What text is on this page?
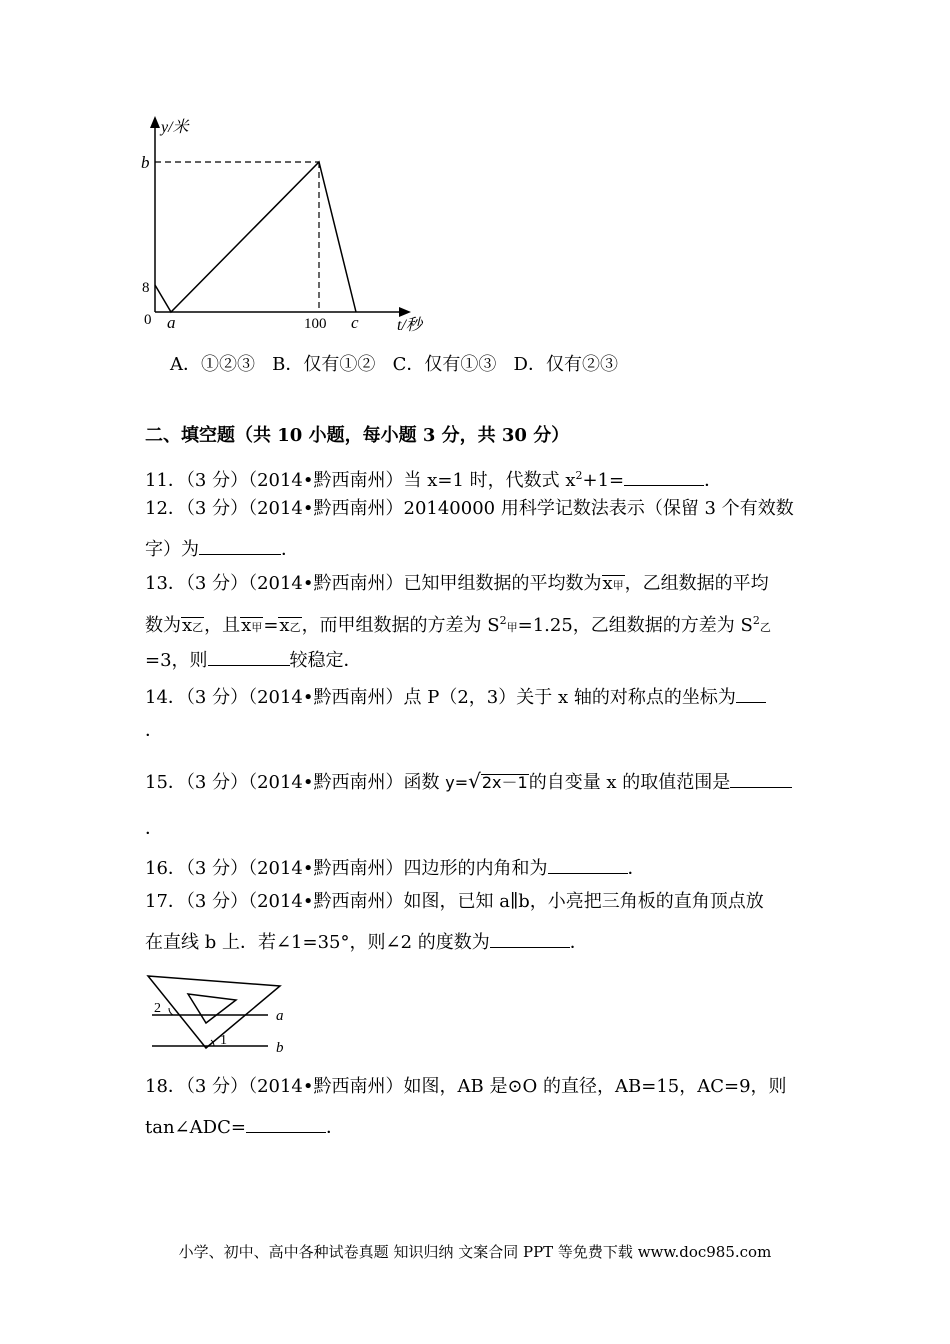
y/米
b
8
0 a	100 c t/秒
A．①②③ B．仅有①② C．仅有①③ D．仅有②③
二、填空题（共 10 小题，每小题 3 分，共 30 分）
11．（3 分）（2014•黔西南州）当 x=1 时，代数式 $x^2+1=$	．
12．（3 分）（2014•黔西南州）20140000 用科学记数法表示（保留 3 个有效数
字）为	．
13．（3 分）（2014•黔西南州）已知甲组数据的平均数为x甲，乙组数据的平均
数为x乙，且x甲=x乙，而甲组数据的方差为 $S^2$甲=1.25，乙组数据的方差为 $S^2$乙
=3，则	较稳定．
14．（3 分）（2014•黔西南州）点 P（2，3）关于 x 轴的对称点的坐标为
．
15．（3 分）（2014•黔西南州）函数 y=√2x－1的自变量 x 的取值范围是
．
16．（3 分）（2014•黔西南州）四边形的内角和为	．
17．（3 分）（2014•黔西南州）如图，已知 a∥b，小亮把三角板的直角顶点放
在直线 b 上．若∠1=35°，则∠2 的度数为	．
2
1
a
b
18．（3 分）（2014•黔西南州）如图，AB 是⊙O 的直径，AB=15，AC=9，则
tan∠ADC=	．
小学、初中、高中各种试卷真题 知识归纳 文案合同 PPT 等免费下载 www.doc985.com
